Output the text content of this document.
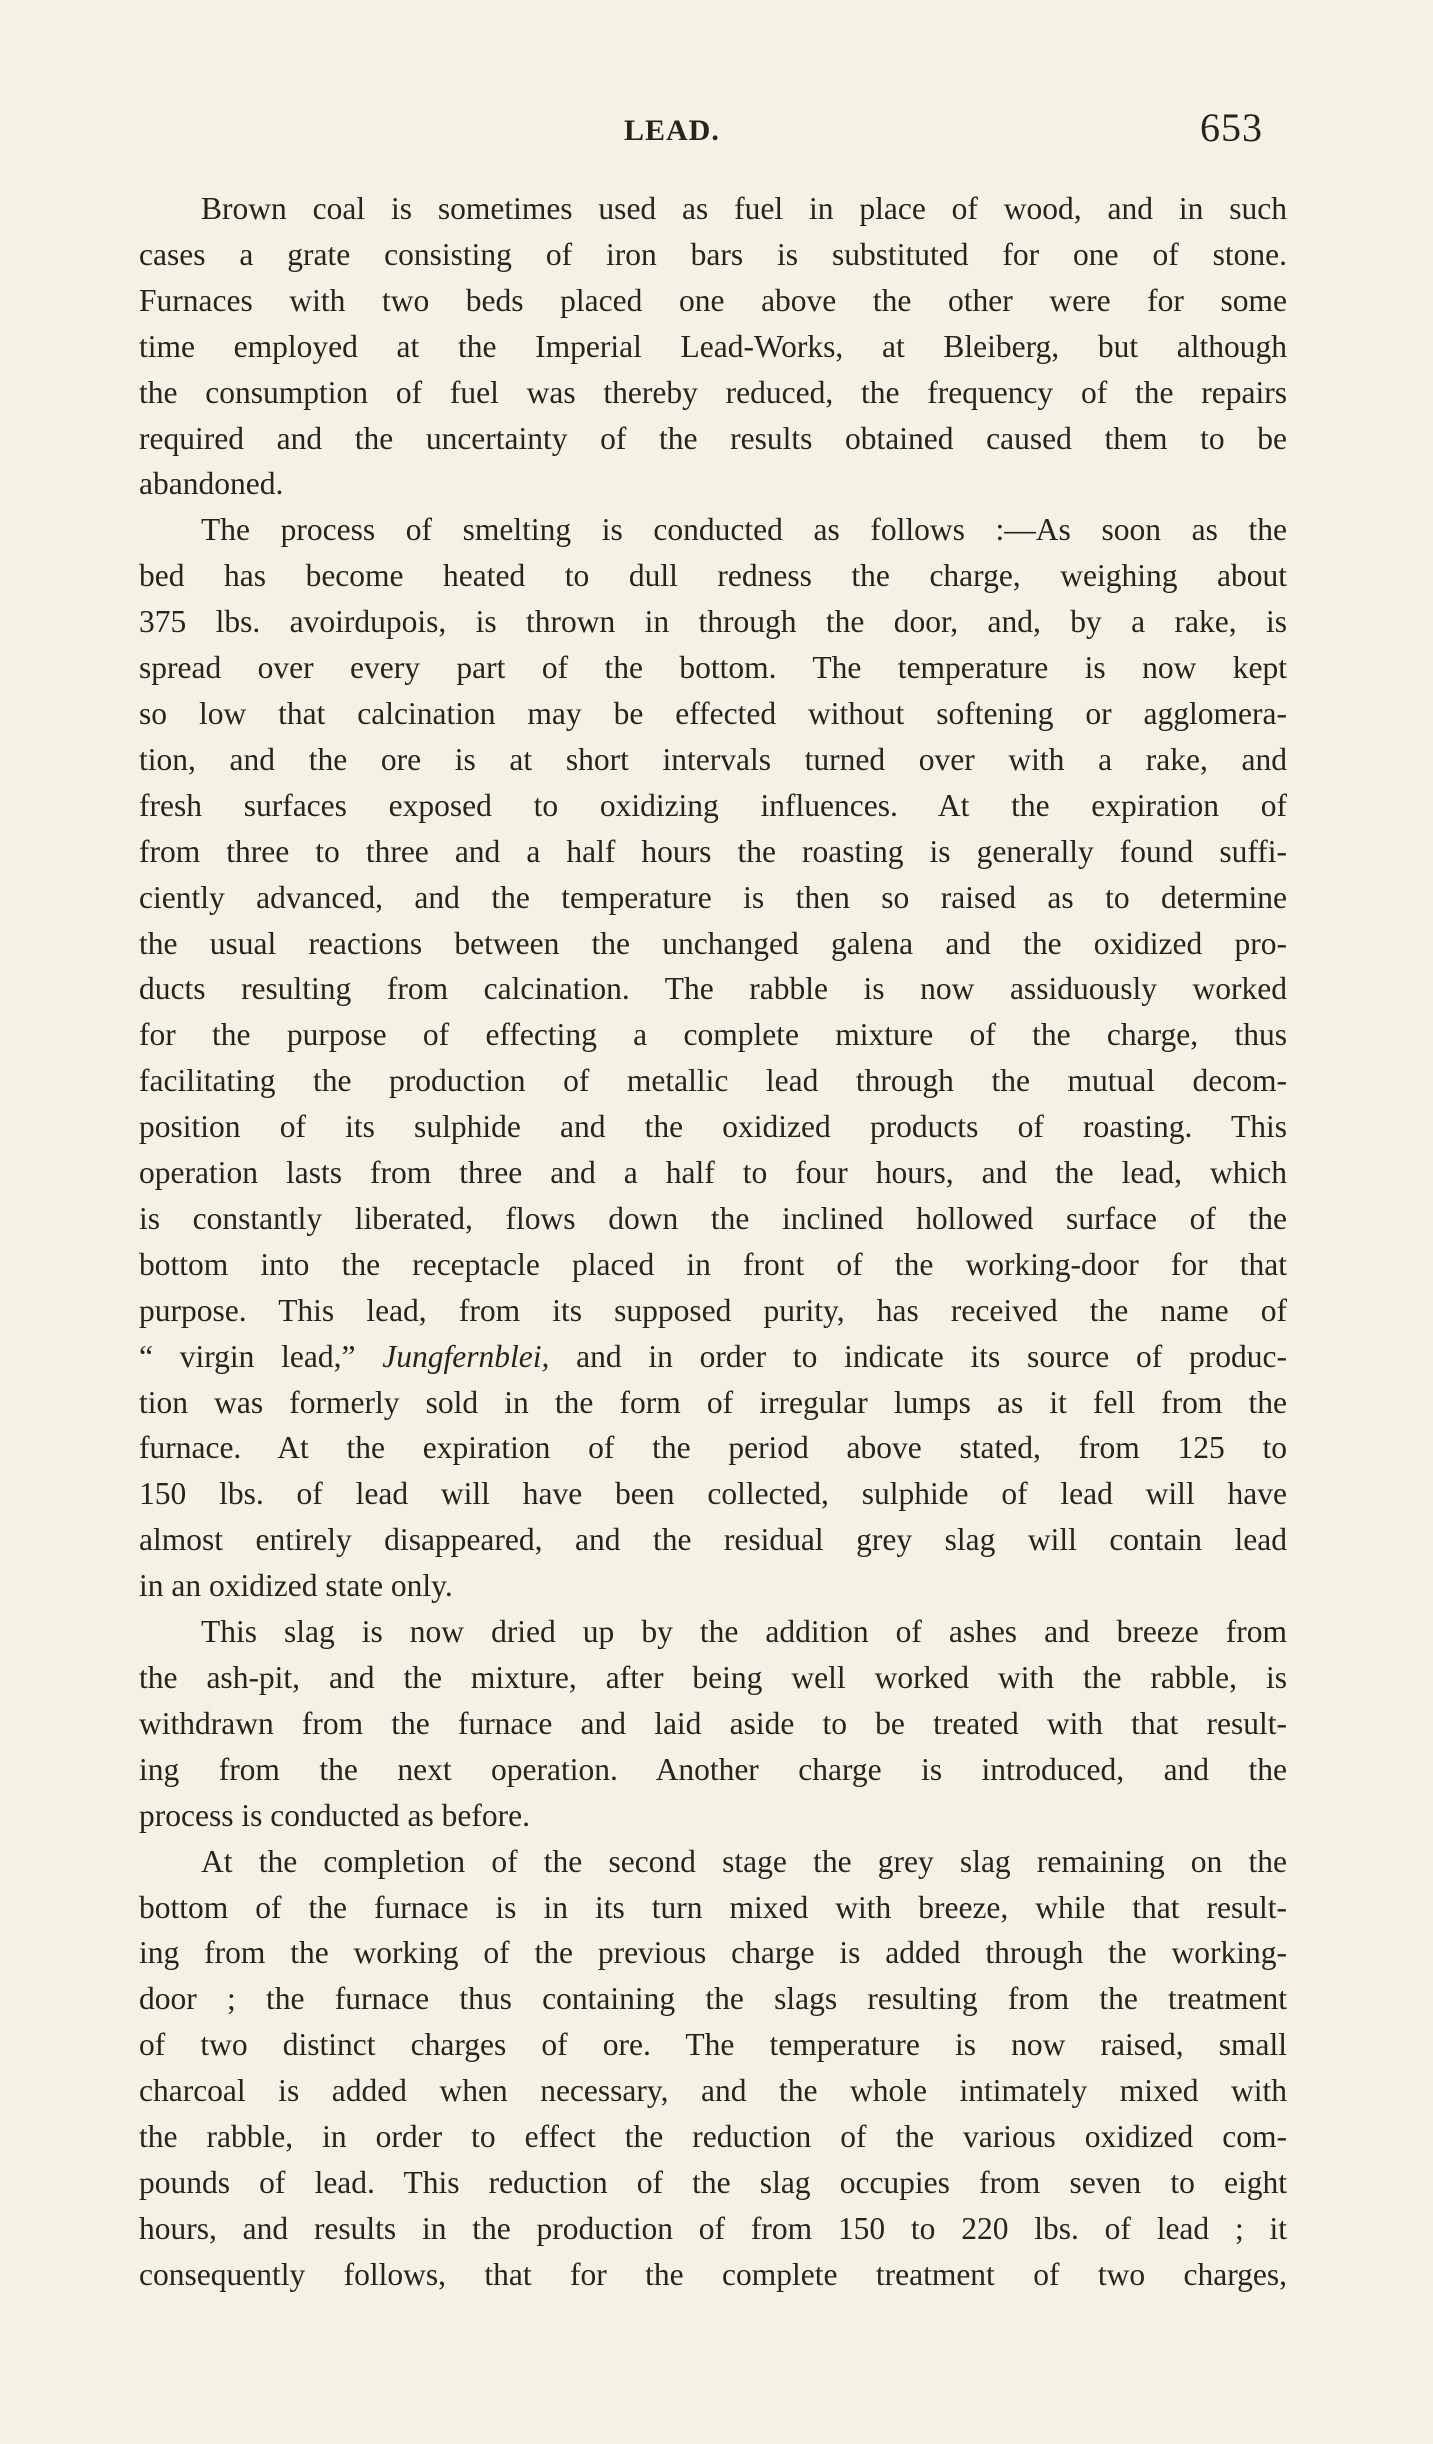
LEAD.	653
Brown coal is sometimes used as fuel in place of wood, and in such
cases a grate consisting of iron bars is substituted for one of stone.
Furnaces with two beds placed one above the other were for some
time employed at the Imperial Lead-Works, at Bleiberg, but although
the consumption of fuel was thereby reduced, the frequency of the repairs
required and the uncertainty of the results obtained caused them to be
abandoned.
The process of smelting is conducted as follows :—As soon as the
bed has become heated to dull redness the charge, weighing about
375 lbs. avoirdupois, is thrown in through the door, and, by a rake, is
spread over every part of the bottom. The temperature is now kept
so low that calcination may be effected without softening or agglomera-
tion, and the ore is at short intervals turned over with a rake, and
fresh surfaces exposed to oxidizing influences. At the expiration of
from three to three and a half hours the roasting is generally found suffi-
ciently advanced, and the temperature is then so raised as to determine
the usual reactions between the unchanged galena and the oxidized pro-
ducts resulting from calcination. The rabble is now assiduously worked
for the purpose of effecting a complete mixture of the charge, thus
facilitating the production of metallic lead through the mutual decom-
position of its sulphide and the oxidized products of roasting. This
operation lasts from three and a half to four hours, and the lead, which
is constantly liberated, flows down the inclined hollowed surface of the
bottom into the receptacle placed in front of the working-door for that
purpose. This lead, from its supposed purity, has received the name of
“ virgin lead,” Jungfernblei, and in order to indicate its source of produc-
tion was formerly sold in the form of irregular lumps as it fell from the
furnace. At the expiration of the period above stated, from 125 to
150 lbs. of lead will have been collected, sulphide of lead will have
almost entirely disappeared, and the residual grey slag will contain lead
in an oxidized state only.
This slag is now dried up by the addition of ashes and breeze from
the ash-pit, and the mixture, after being well worked with the rabble, is
withdrawn from the furnace and laid aside to be treated with that result-
ing from the next operation. Another charge is introduced, and the
process is conducted as before.
At the completion of the second stage the grey slag remaining on the
bottom of the furnace is in its turn mixed with breeze, while that result-
ing from the working of the previous charge is added through the working-
door ; the furnace thus containing the slags resulting from the treatment
of two distinct charges of ore. The temperature is now raised, small
charcoal is added when necessary, and the whole intimately mixed with
the rabble, in order to effect the reduction of the various oxidized com-
pounds of lead. This reduction of the slag occupies from seven to eight
hours, and results in the production of from 150 to 220 lbs. of lead ; it
consequently follows, that for the complete treatment of two charges,
